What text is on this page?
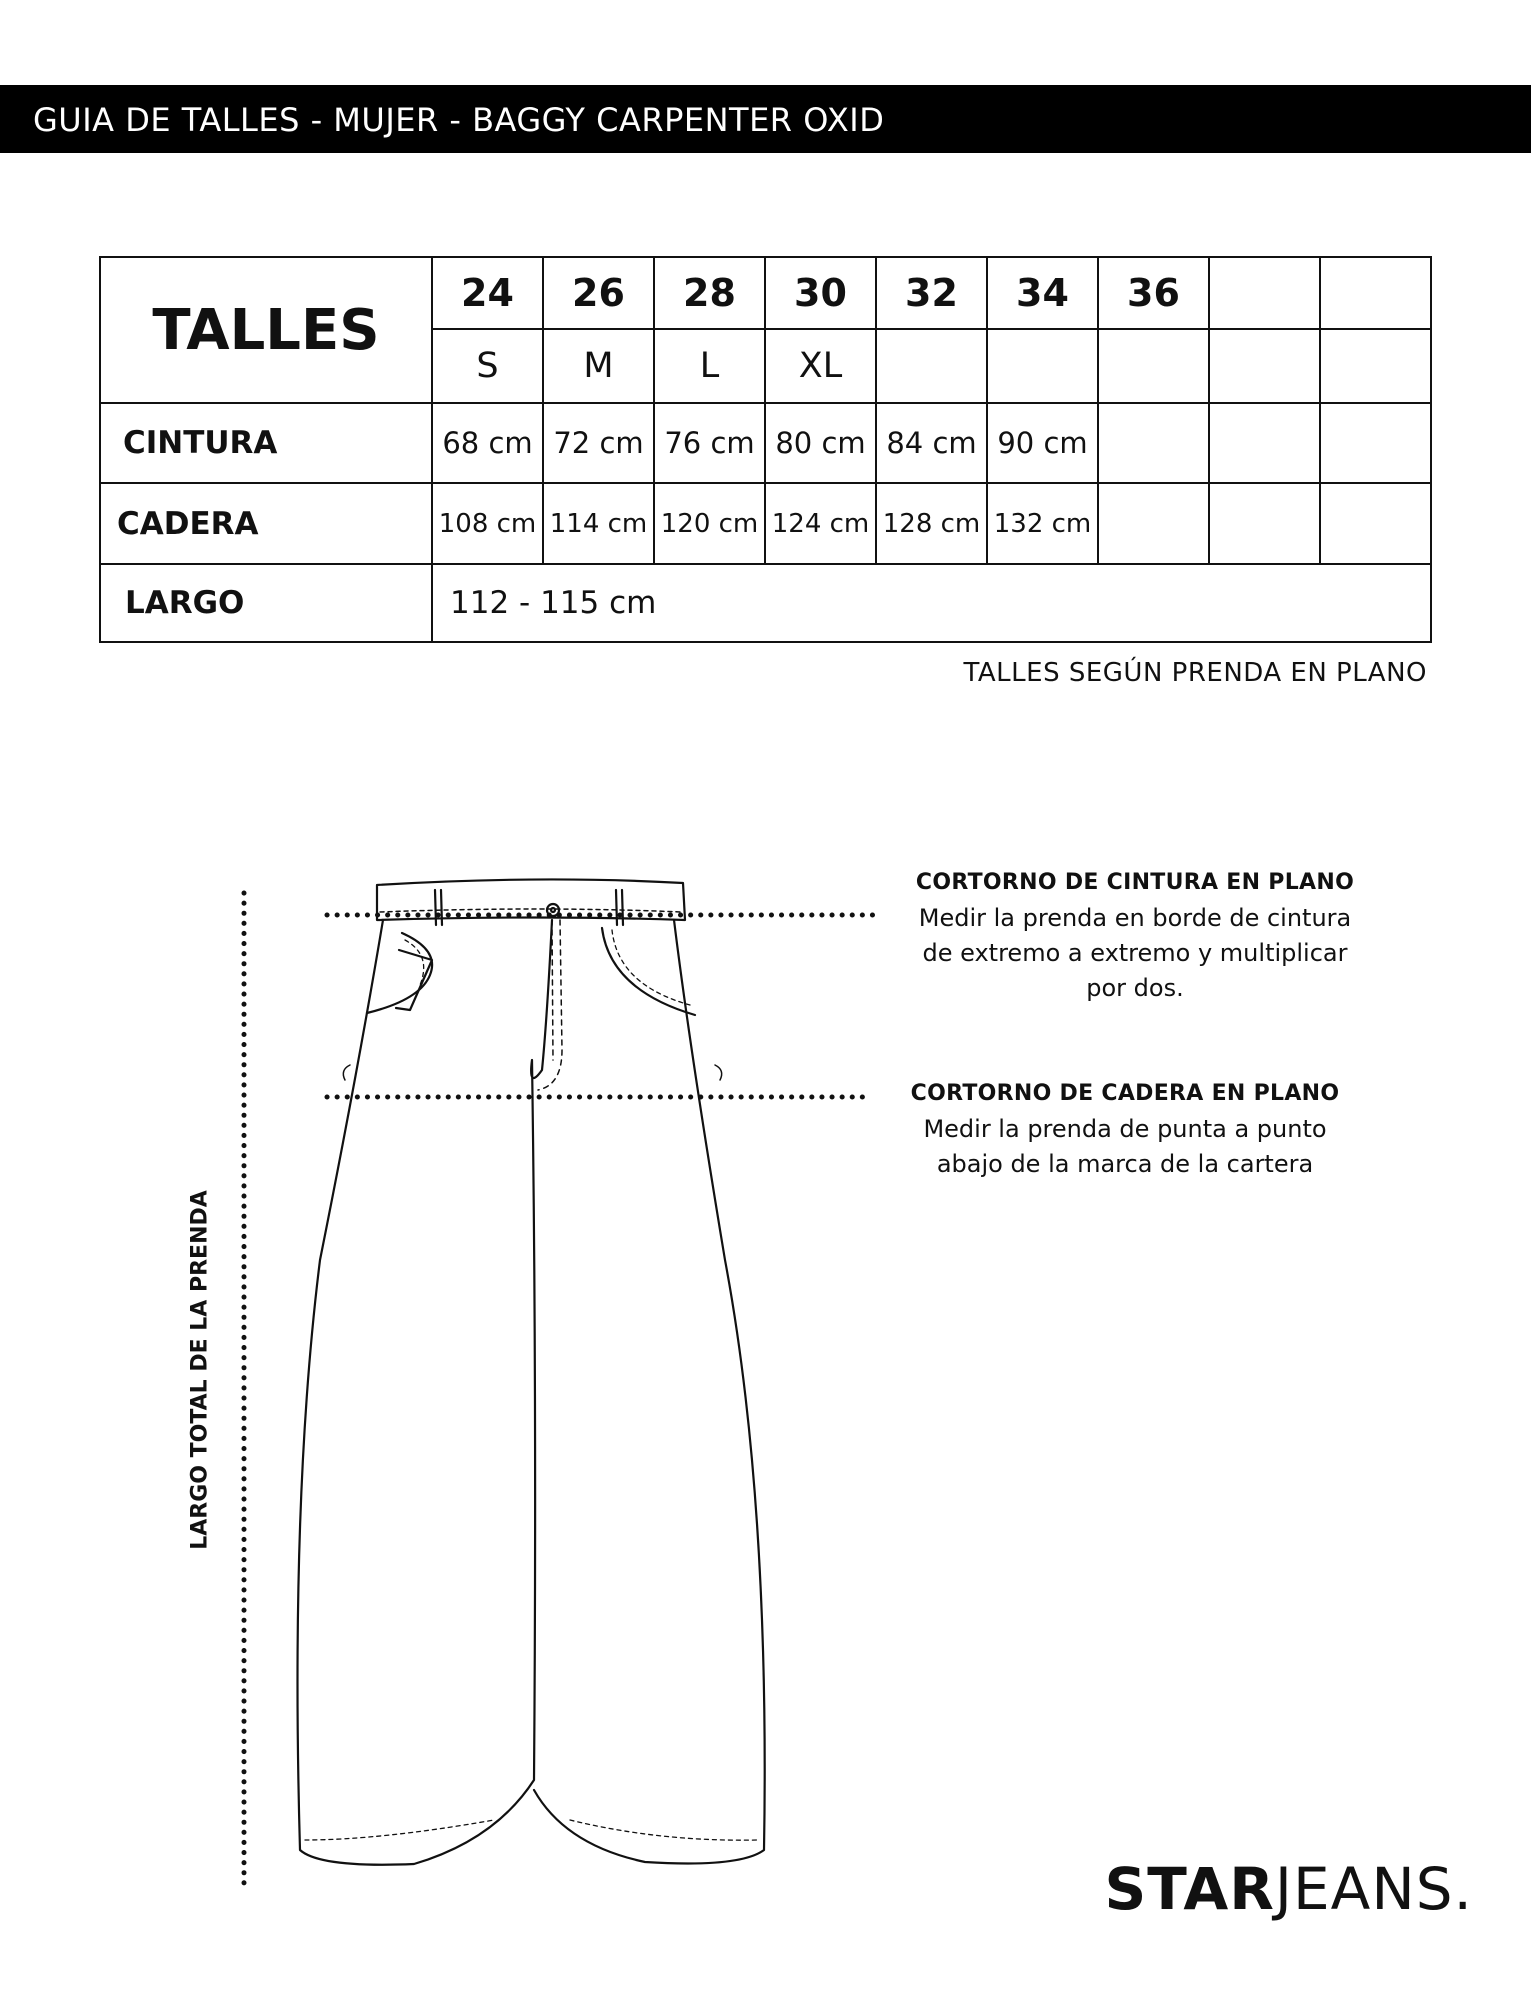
GUIA DE TALLES - MUJER - BAGGY CARPENTER OXID
TALLES	24	26	28	30	32	34	36		
	S	M	L	XL					
CINTURA	68 cm	72 cm	76 cm	80 cm	84 cm	90 cm			
CADERA	108 cm	114 cm	120 cm	124 cm	128 cm	132 cm			
LARGO	112 - 115 cm								
TALLES SEGÚN PRENDA EN PLANO
CORTORNO DE CINTURA EN PLANO
Medir la prenda en borde de cintura
de extremo a extremo y multiplicar
por dos.
CORTORNO DE CADERA EN PLANO
Medir la prenda de punta a punto
abajo de la marca de la cartera
LARGO TOTAL DE LA PRENDA
STARJEANS.
